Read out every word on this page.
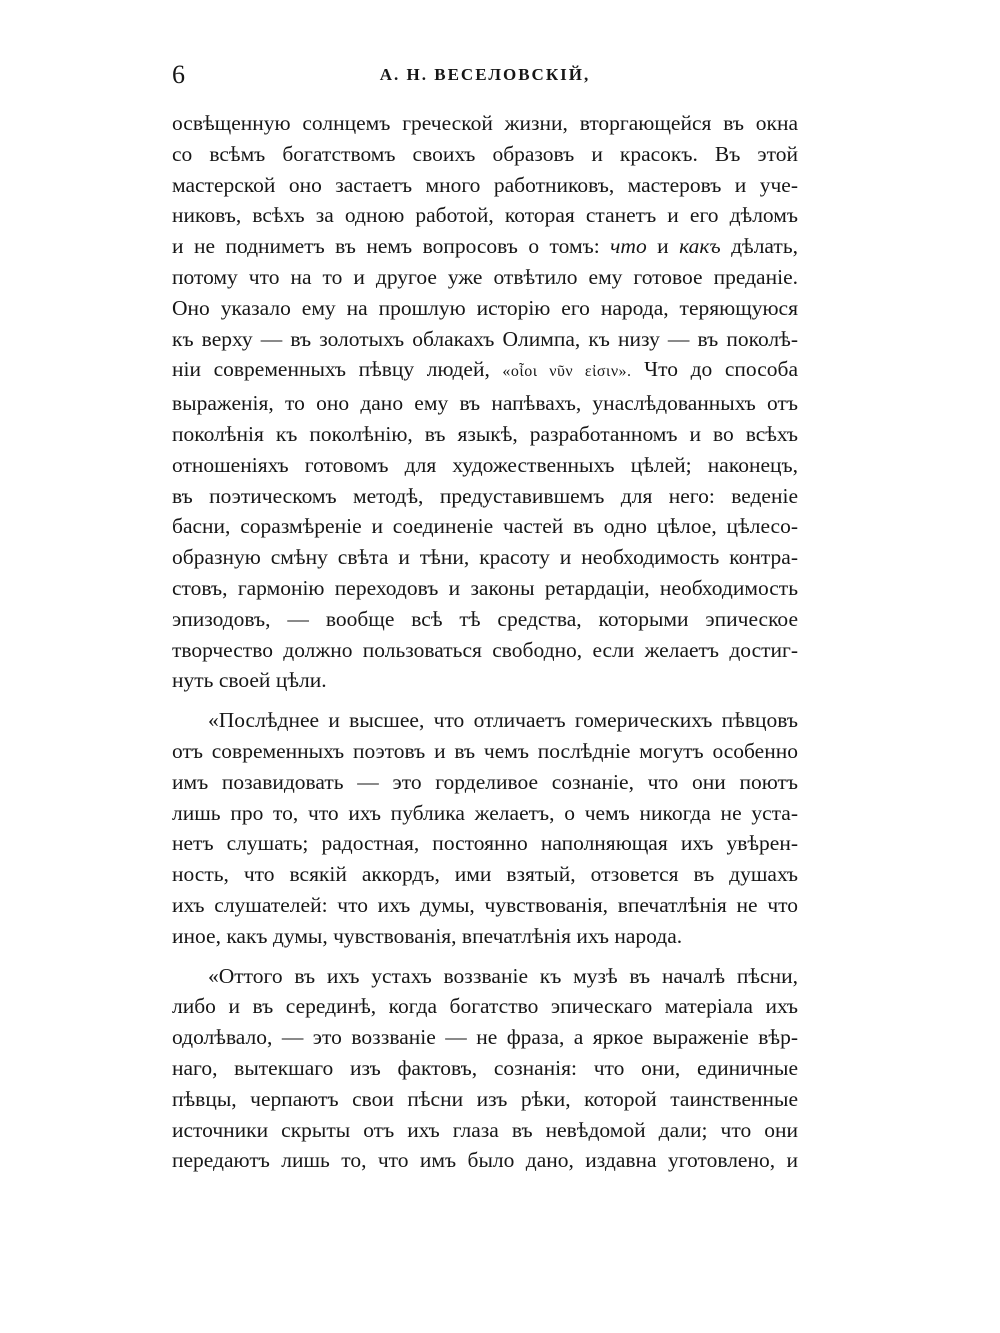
6	А. Н. ВЕСЕЛОВСКІЙ,

освѣщенную солнцемъ греческой жизни, вторгающейся въ окна
со всѣмъ богатствомъ своихъ образовъ и красокъ. Въ этой
мастерской оно застаетъ много работниковъ, мастеровъ и уче-
никовъ, всѣхъ за одною работой, которая станетъ и его дѣломъ
и не подниметъ въ немъ вопросовъ о томъ: что и какъ дѣлать,
потому что на то и другое уже отвѣтило ему готовое преданіе.
Оно указало ему на прошлую исторію его народа, теряющуюся
къ верху — въ золотыхъ облакахъ Олимпа, къ низу — въ поколѣ-
ніи современныхъ пѣвцу людей, «οἷοι νῦν εἰσιν». Что до способа
выраженія, то оно дано ему въ напѣвахъ, унаслѣдованныхъ отъ
поколѣнія къ поколѣнію, въ языкѣ, разработанномъ и во всѣхъ
отношеніяхъ готовомъ для художественныхъ цѣлей; наконецъ,
въ поэтическомъ методѣ, предуставившемъ для него: веденіе
басни, соразмѣреніе и соединеніе частей въ одно цѣлое, цѣлесо-
образную смѣну свѣта и тѣни, красоту и необходимость контра-
стовъ, гармонію переходовъ и законы ретардаціи, необходимость
эпизодовъ, — вообще всѣ тѣ средства, которыми эпическое
творчество должно пользоваться свободно, если желаетъ достиг-
нуть своей цѣли.

«Послѣднее и высшее, что отличаетъ гомерическихъ пѣвцовъ
отъ современныхъ поэтовъ и въ чемъ послѣдніе могутъ особенно
имъ позавидовать — это горделивое сознаніе, что они поютъ
лишь про то, что ихъ публика желаетъ, о чемъ никогда не уста-
нетъ слушать; радостная, постоянно наполняющая ихъ увѣрен-
ность, что всякій аккордъ, ими взятый, отзовется въ душахъ
ихъ слушателей: что ихъ думы, чувствованія, впечатлѣнія не что
иное, какъ думы, чувствованія, впечатлѣнія ихъ народа.

«Оттого въ ихъ устахъ воззваніе къ музѣ въ началѣ пѣсни,
либо и въ серединѣ, когда богатство эпическаго матеріала ихъ
одолѣвало, — это воззваніе — не фраза, а яркое выраженіе вѣр-
наго, вытекшаго изъ фактовъ, сознанія: что они, единичные
пѣвцы, черпаютъ свои пѣсни изъ рѣки, которой таинственные
источники скрыты отъ ихъ глаза въ невѣдомой дали; что они
передаютъ лишь то, что имъ было дано, издавна уготовлено, и
